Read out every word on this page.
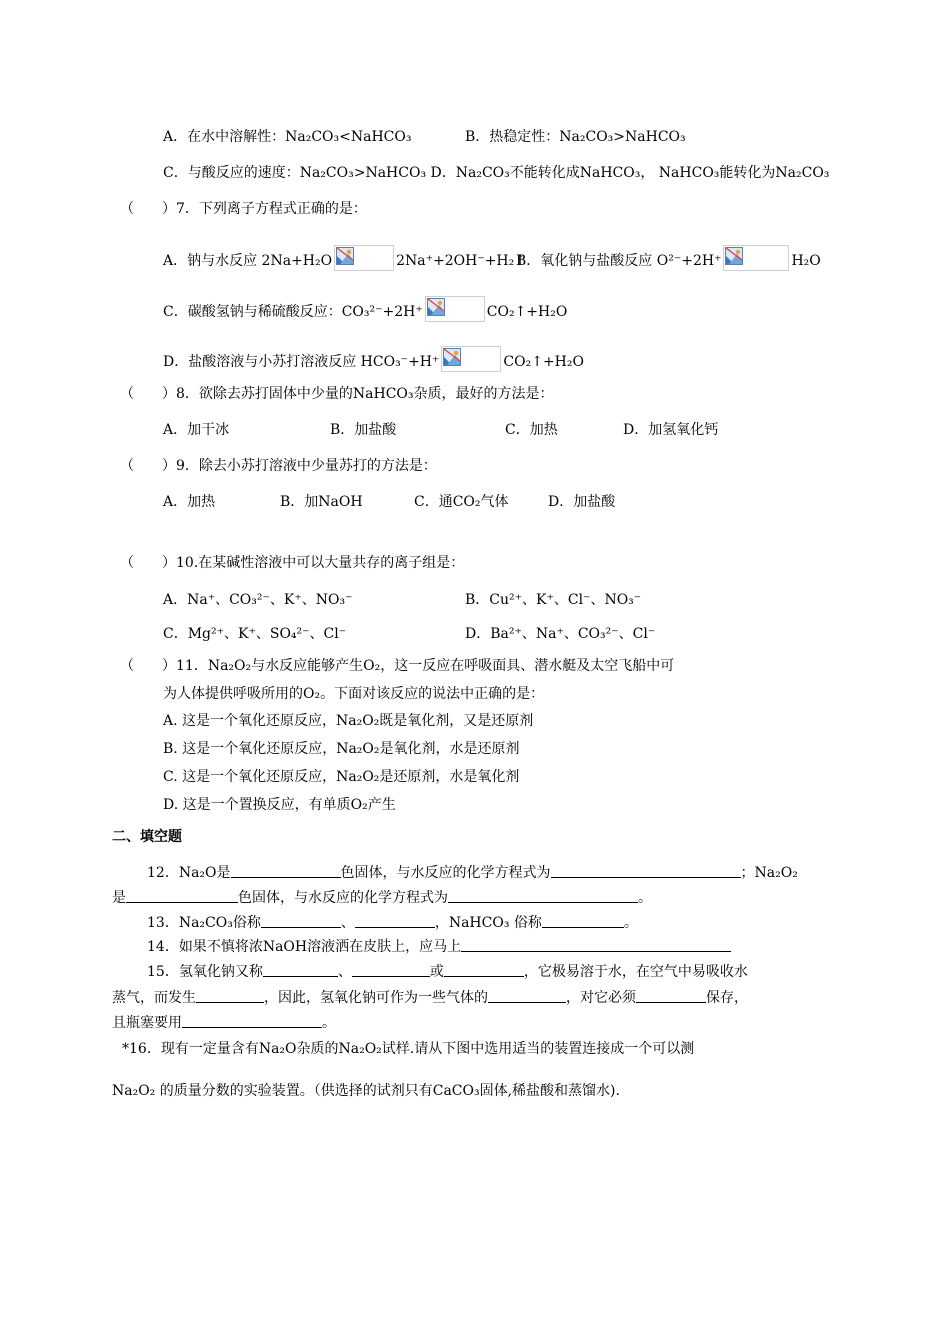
A．在水中溶解性：Na₂CO₃<NaHCO₃	B．热稳定性：Na₂CO₃>NaHCO₃
C．与酸反应的速度：Na₂CO₃>NaHCO₃ D．Na₂CO₃不能转化成NaHCO₃， NaHCO₃能转化为Na₂CO₃
（　　）7．下列离子方程式正确的是：
A．钠与水反应 2Na+H₂O	2Na⁺+2OH⁻+H₂↑
B．氧化钠与盐酸反应 O²⁻+2H⁺	H₂O
C．碳酸氢钠与稀硫酸反应：CO₃²⁻+2H⁺	CO₂↑+H₂O
D．盐酸溶液与小苏打溶液反应 HCO₃⁻+H⁺	CO₂↑+H₂O
（　　）8．欲除去苏打固体中少量的NaHCO₃杂质，最好的方法是：
A．加干冰	B．加盐酸	C．加热	D．加氢氧化钙
（　　）9．除去小苏打溶液中少量苏打的方法是：
A．加热	B．加NaOH	C．通CO₂气体	D．加盐酸
（　　）10.在某碱性溶液中可以大量共存的离子组是：
A．Na⁺、CO₃²⁻、K⁺、NO₃⁻	B．Cu²⁺、K⁺、Cl⁻、NO₃⁻
C．Mg²⁺、K⁺、SO₄²⁻、Cl⁻	D．Ba²⁺、Na⁺、CO₃²⁻、Cl⁻
（　　）11．Na₂O₂与水反应能够产生O₂，这一反应在呼吸面具、潜水艇及太空飞船中可
为人体提供呼吸所用的O₂。下面对该反应的说法中正确的是：
A. 这是一个氧化还原反应，Na₂O₂既是氧化剂，又是还原剂
B. 这是一个氧化还原反应，Na₂O₂是氧化剂，水是还原剂
C. 这是一个氧化还原反应，Na₂O₂是还原剂，水是氧化剂
D. 这是一个置换反应，有单质O₂产生
二、填空题
12．Na₂O是	色固体，与水反应的化学方程式为	；Na₂O₂
是	色固体，与水反应的化学方程式为	。
13．Na₂CO₃俗称	、	，NaHCO₃ 俗称	。
14．如果不慎将浓NaOH溶液洒在皮肤上，应马上
15．氢氧化钠又称	、	或	，它极易溶于水，在空气中易吸收水
蒸气，而发生	，因此，氢氧化钠可作为一些气体的	，对它必须	保存，
且瓶塞要用	。
*16．现有一定量含有Na₂O杂质的Na₂O₂试样.请从下图中选用适当的装置连接成一个可以测
Na₂O₂ 的质量分数的实验装置。（供选择的试剂只有CaCO₃固体,稀盐酸和蒸馏水).
